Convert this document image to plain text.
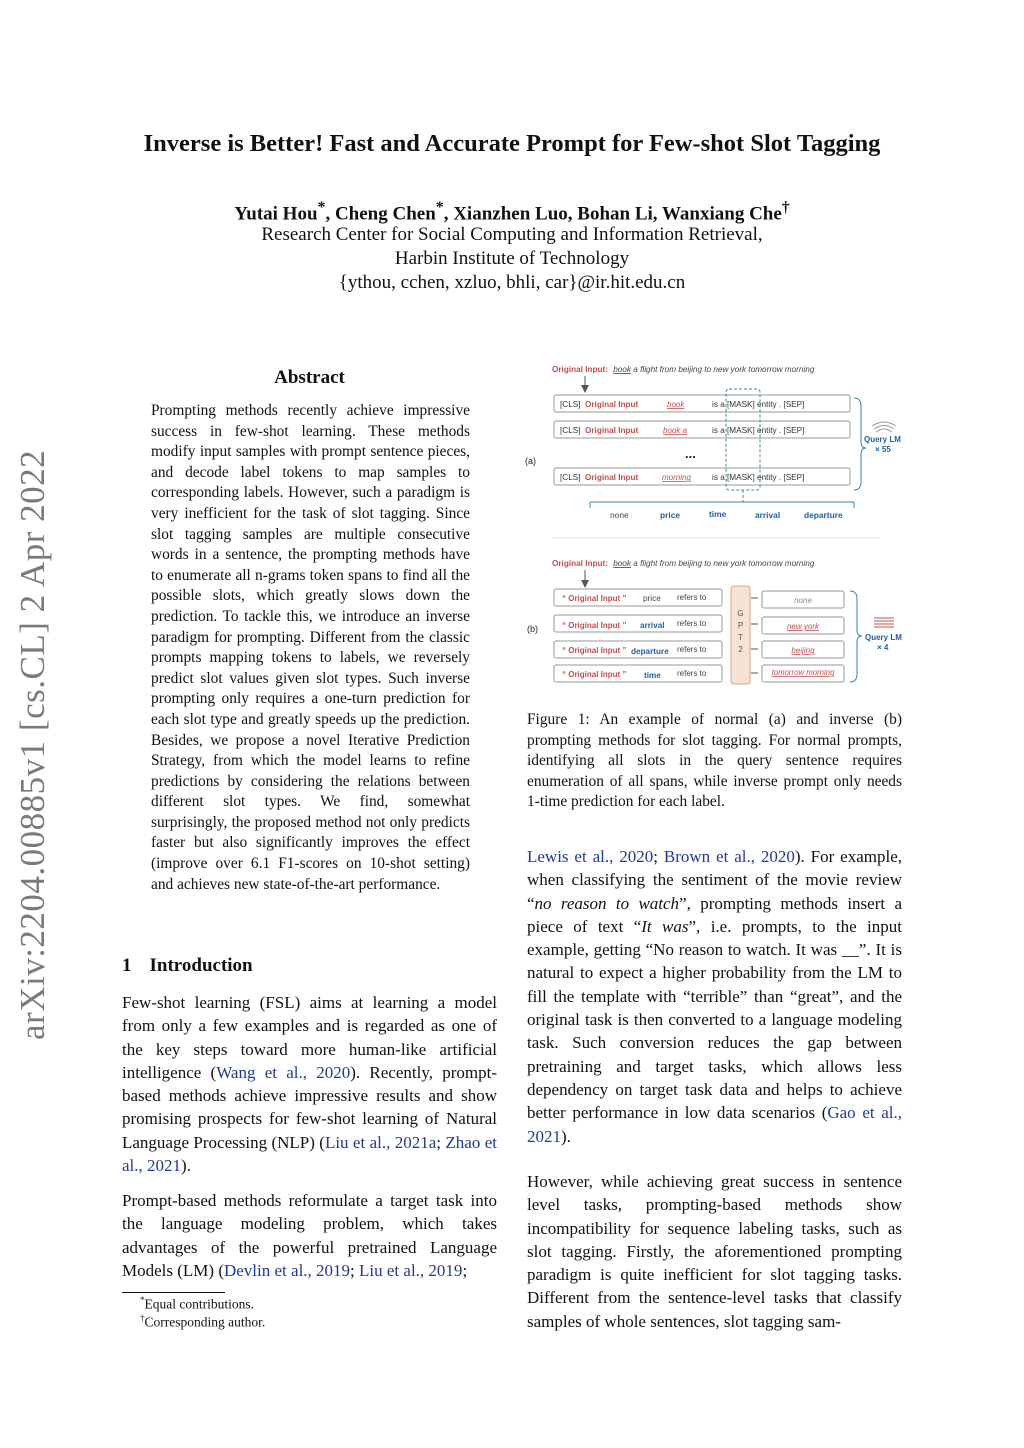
Inverse is Better! Fast and Accurate Prompt for Few-shot Slot Tagging
Yutai Hou*, Cheng Chen*, Xianzhen Luo, Bohan Li, Wanxiang Che†
Research Center for Social Computing and Information Retrieval,
Harbin Institute of Technology
{ythou, cchen, xzluo, bhli, car}@ir.hit.edu.cn
arXiv:2204.00885v1 [cs.CL] 2 Apr 2022
Abstract
Prompting methods recently achieve impressive success in few-shot learning. These methods modify input samples with prompt sentence pieces, and decode label tokens to map samples to corresponding labels. However, such a paradigm is very inefficient for the task of slot tagging. Since slot tagging samples are multiple consecutive words in a sentence, the prompting methods have to enumerate all n-grams token spans to find all the possible slots, which greatly slows down the prediction. To tackle this, we introduce an inverse paradigm for prompting. Different from the classic prompts mapping tokens to labels, we reversely predict slot values given slot types. Such inverse prompting only requires a one-turn prediction for each slot type and greatly speeds up the prediction. Besides, we propose a novel Iterative Prediction Strategy, from which the model learns to refine predictions by considering the relations between different slot types. We find, somewhat surprisingly, the proposed method not only predicts faster but also significantly improves the effect (improve over 6.1 F1-scores on 10-shot setting) and achieves new state-of-the-art performance.
1 Introduction
Few-shot learning (FSL) aims at learning a model from only a few examples and is regarded as one of the key steps toward more human-like artificial intelligence (Wang et al., 2020). Recently, prompt-based methods achieve impressive results and show promising prospects for few-shot learning of Natural Language Processing (NLP) (Liu et al., 2021a; Zhao et al., 2021).
Prompt-based methods reformulate a target task into the language modeling problem, which takes advantages of the powerful pretrained Language Models (LM) (Devlin et al., 2019; Liu et al., 2019;
*Equal contributions.
†Corresponding author.
Original Input: book a flight from beijing to new york tomorrow morning
(a)
[CLS] Original Input	book	is a [MASK] entity . [SEP]
[CLS] Original Input	book a	is a [MASK] entity . [SEP]
...
[CLS] Original Input	morning	is a [MASK] entity . [SEP]
none	price	time	arrival	departure
Query LM
× 55
Original Input: book a flight from beijing to new york tomorrow morning
(b)
“ Original Input ” price refers to
“ Original Input ” arrival refers to
“ Original Input ” departure refers to
“ Original Input ” time refers to
G
P
T
2
none
new york
beijing
tomorrow morning
Query LM
× 4
Figure 1: An example of normal (a) and inverse (b) prompting methods for slot tagging. For normal prompts, identifying all slots in the query sentence requires enumeration of all spans, while inverse prompt only needs 1-time prediction for each label.
Lewis et al., 2020; Brown et al., 2020). For example, when classifying the sentiment of the movie review “no reason to watch”, prompting methods insert a piece of text “It was”, i.e. prompts, to the input example, getting “No reason to watch. It was __”. It is natural to expect a higher probability from the LM to fill the template with “terrible” than “great”, and the original task is then converted to a language modeling task. Such conversion reduces the gap between pretraining and target tasks, which allows less dependency on target task data and helps to achieve better performance in low data scenarios (Gao et al., 2021).
However, while achieving great success in sentence level tasks, prompting-based methods show incompatibility for sequence labeling tasks, such as slot tagging. Firstly, the aforementioned prompting paradigm is quite inefficient for slot tagging tasks. Different from the sentence-level tasks that classify samples of whole sentences, slot tagging sam-
